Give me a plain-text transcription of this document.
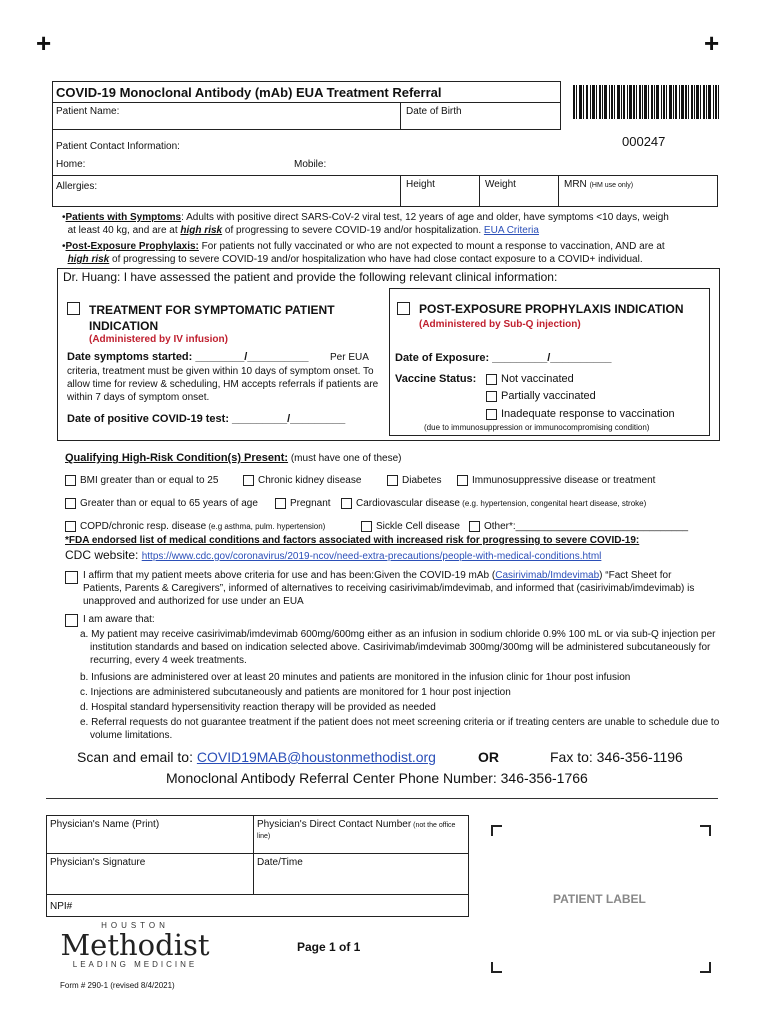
+	+
000247
COVID-19 Monoclonal Antibody (mAb) EUA Treatment Referral
Patient Name:	Date of Birth
Patient Contact Information:
Home:	Mobile:
Allergies:	Height	Weight	MRN (HM use only)
•Patients with Symptoms: Adults with positive direct SARS-CoV-2 viral test, 12 years of age and older, have symptoms <10 days, weigh
at least 40 kg, and are at high risk of progressing to severe COVID-19 and/or hospitalization. EUA Criteria
•Post-Exposure Prophylaxis: For patients not fully vaccinated or who are not expected to mount a response to vaccination, AND are at
high risk of progressing to severe COVID-19 and/or hospitalization who have had close contact exposure to a COVID+ individual.
Dr. Huang: I have assessed the patient and provide the following relevant clinical information:
TREATMENT FOR SYMPTOMATIC PATIENT
INDICATION
(Administered by IV infusion)
Date symptoms started: ________/__________ Per EUA
criteria, treatment must be given within 10 days of symptom onset. To allow time for review & scheduling, HM accepts referrals if patients are within 7 days of symptom onset.
Date of positive COVID-19 test: _________/_________
POST-EXPOSURE PROPHYLAXIS INDICATION
(Administered by Sub-Q injection)
Date of Exposure: _________/__________
Vaccine Status:	Not vaccinated
Partially vaccinated
Inadequate response to vaccination
(due to immunosuppression or immunocompromising condition)
Qualifying High-Risk Condition(s) Present: (must have one of these)
BMI greater than or equal to 25	Chronic kidney disease	Diabetes	Immunosuppressive disease or treatment
Greater than or equal to 65 years of age	Pregnant	Cardiovascular disease (e.g. hypertension, congenital heart disease, stroke)
COPD/chronic resp. disease (e.g asthma, pulm. hypertension)	Sickle Cell disease	Other*:_______________________________
*FDA endorsed list of medical conditions and factors associated with increased risk for progressing to severe COVID-19:
CDC website: https://www.cdc.gov/coronavirus/2019-ncov/need-extra-precautions/people-with-medical-conditions.html
I affirm that my patient meets above criteria for use and has been:Given the COVID-19 mAb (Casirivimab/Imdevimab) “Fact Sheet for Patients, Parents & Caregivers”, informed of alternatives to receiving casirivimab/imdevimab, and informed that (casirivimab/imdevimab) is unapproved and authorized for use under an EUA
I am aware that:
a. My patient may receive casirivimab/imdevimab 600mg/600mg either as an infusion in sodium chloride 0.9% 100 mL or via sub-Q injection per institution standards and based on indication selected above. Casirivimab/imdevimab 300mg/300mg will be administered subcutaneously for recurring, every 4 week treatments.
b. Infusions are administered over at least 20 minutes and patients are monitored in the infusion clinic for 1hour post infusion
c. Injections are administered subcutaneously and patients are monitored for 1 hour post injection
d. Hospital standard hypersensitivity reaction therapy will be provided as needed
e. Referral requests do not guarantee treatment if the patient does not meet screening criteria or if treating centers are unable to schedule due to volume limitations.
Scan and email to: COVID19MAB@houstonmethodist.org	OR	Fax to: 346-356-1196
Monoclonal Antibody Referral Center Phone Number: 346-356-1766
Physician's Name (Print)	Physician's Direct Contact Number (not the office line)
Physician's Signature	Date/Time
NPI#
PATIENT LABEL
HOUSTON
Methodist
LEADING MEDICINE
Page 1 of 1
Form # 290-1 (revised 8/4/2021)
